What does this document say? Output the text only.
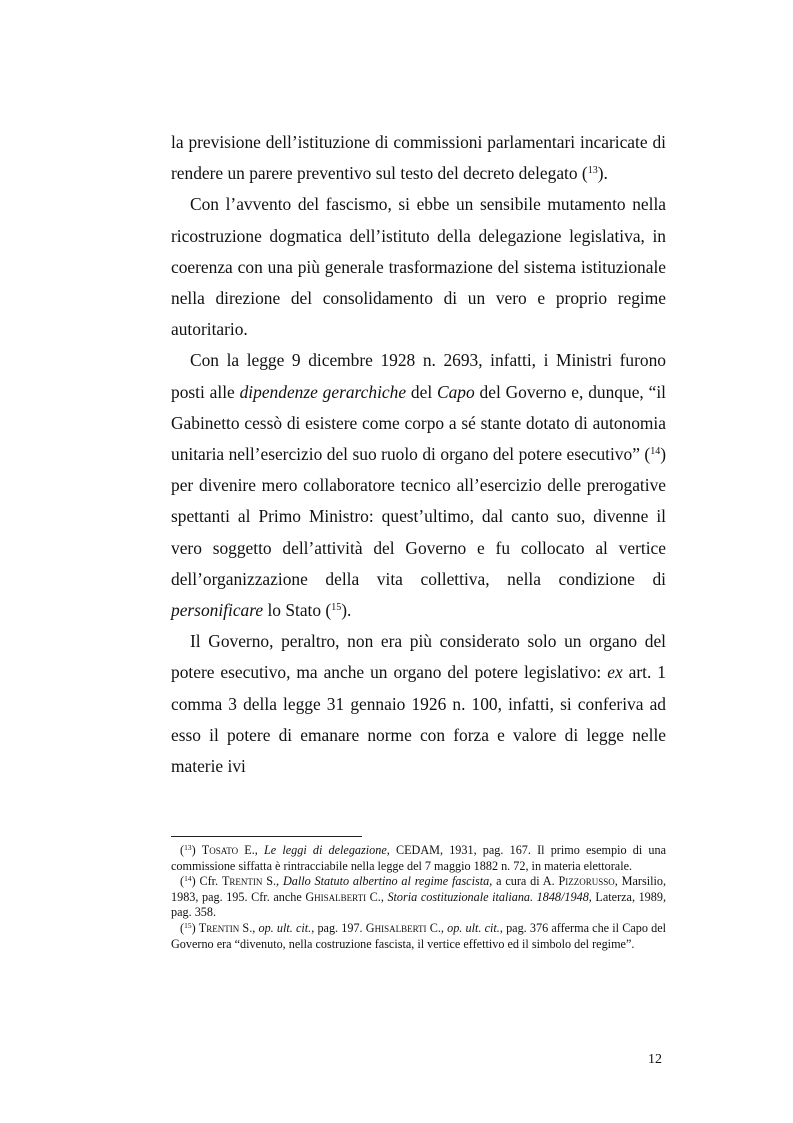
la previsione dell’istituzione di commissioni parlamentari incaricate di rendere un parere preventivo sul testo del decreto delegato ($^{13}$).

Con l’avvento del fascismo, si ebbe un sensibile mutamento nella ricostruzione dogmatica dell’istituto della delegazione legislativa, in coerenza con una più generale trasformazione del sistema istituzionale nella direzione del consolidamento di un vero e proprio regime autoritario.

Con la legge 9 dicembre 1928 n. 2693, infatti, i Ministri furono posti alle dipendenze gerarchiche del Capo del Governo e, dunque, “il Gabinetto cessò di esistere come corpo a sé stante dotato di autonomia unitaria nell’esercizio del suo ruolo di organo del potere esecutivo” ($^{14}$) per divenire mero collaboratore tecnico all’esercizio delle prerogative spettanti al Primo Ministro: quest’ultimo, dal canto suo, divenne il vero soggetto dell’attività del Governo e fu collocato al vertice dell’organizzazione della vita collettiva, nella condizione di personificare lo Stato ($^{15}$).

Il Governo, peraltro, non era più considerato solo un organo del potere esecutivo, ma anche un organo del potere legislativo: ex art. 1 comma 3 della legge 31 gennaio 1926 n. 100, infatti, si conferiva ad esso il potere di emanare norme con forza e valore di legge nelle materie ivi

($^{13}$) Tosato E., Le leggi di delegazione, CEDAM, 1931, pag. 167. Il primo esempio di una commissione siffatta è rintracciabile nella legge del 7 maggio 1882 n. 72, in materia elettorale.

($^{14}$) Cfr. Trentin S., Dallo Statuto albertino al regime fascista, a cura di A. Pizzorusso, Marsilio, 1983, pag. 195. Cfr. anche Ghisalberti C., Storia costituzionale italiana. 1848/1948, Laterza, 1989, pag. 358.

($^{15}$) Trentin S., op. ult. cit., pag. 197. Ghisalberti C., op. ult. cit., pag. 376 afferma che il Capo del Governo era “divenuto, nella costruzione fascista, il vertice effettivo ed il simbolo del regime”.

12
